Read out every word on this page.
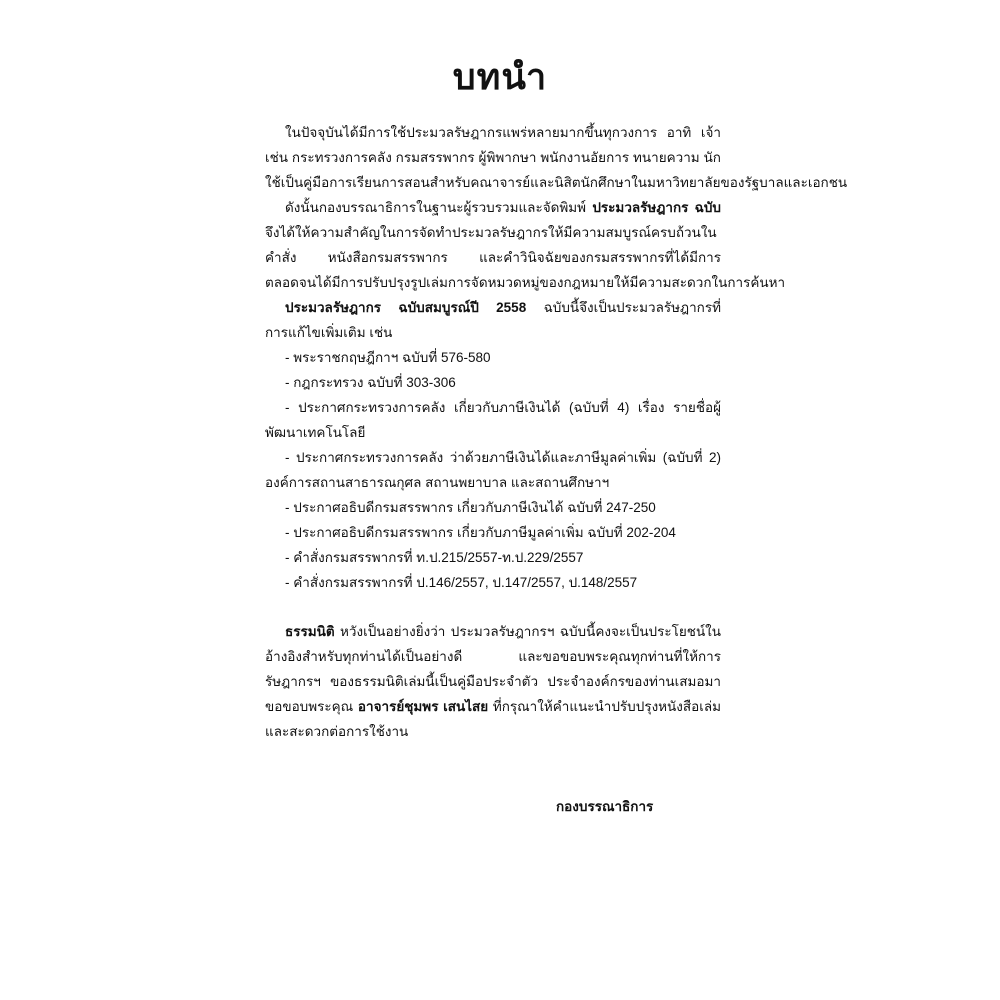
บทนำ
ในปัจจุบันได้มีการใช้ประมวลรัษฎากรแพร่หลายมากขึ้นทุกวงการ อาทิ เจ้า
เช่น กระทรวงการคลัง กรมสรรพากร ผู้พิพากษา พนักงานอัยการ ทนายความ นัก
ใช้เป็นคู่มือการเรียนการสอนสำหรับคณาจารย์และนิสิตนักศึกษาในมหาวิทยาลัยของรัฐบาลและเอกชน
ดังนั้นกองบรรณาธิการในฐานะผู้รวบรวมและจัดพิมพ์ ประมวลรัษฎากร ฉบับ
จึงได้ให้ความสำคัญในการจัดทำประมวลรัษฎากรให้มีความสมบูรณ์ครบถ้วนใน
คำสั่ง หนังสือกรมสรรพากร และคำวินิจฉัยของกรมสรรพากรที่ได้มีการ
ตลอดจนได้มีการปรับปรุงรูปเล่มการจัดหมวดหมู่ของกฎหมายให้มีความสะดวกในการค้นหา
ประมวลรัษฎากร ฉบับสมบูรณ์ปี 2558 ฉบับนี้จึงเป็นประมวลรัษฎากรที่
การแก้ไขเพิ่มเติม เช่น
- พระราชกฤษฎีกาฯ ฉบับที่ 576-580
- กฎกระทรวง ฉบับที่ 303-306
- ประกาศกระทรวงการคลัง เกี่ยวกับภาษีเงินได้ (ฉบับที่ 4) เรื่อง รายชื่อผู้
พัฒนาเทคโนโลยี
- ประกาศกระทรวงการคลัง ว่าด้วยภาษีเงินได้และภาษีมูลค่าเพิ่ม (ฉบับที่ 2)
องค์การสถานสาธารณกุศล สถานพยาบาล และสถานศึกษาฯ
- ประกาศอธิบดีกรมสรรพากร เกี่ยวกับภาษีเงินได้ ฉบับที่ 247-250
- ประกาศอธิบดีกรมสรรพากร เกี่ยวกับภาษีมูลค่าเพิ่ม ฉบับที่ 202-204
- คำสั่งกรมสรรพากรที่ ท.ป.215/2557-ท.ป.229/2557
- คำสั่งกรมสรรพากรที่ ป.146/2557, ป.147/2557, ป.148/2557
ธรรมนิติ หวังเป็นอย่างยิ่งว่า ประมวลรัษฎากรฯ ฉบับนี้คงจะเป็นประโยชน์ใน
อ้างอิงสำหรับทุกท่านได้เป็นอย่างดี และขอขอบพระคุณทุกท่านที่ให้การ
รัษฎากรฯ ของธรรมนิติเล่มนี้เป็นคู่มือประจำตัว ประจำองค์กรของท่านเสมอมา
ขอขอบพระคุณ อาจารย์ชุมพร เสนไสย ที่กรุณาให้คำแนะนำปรับปรุงหนังสือเล่ม
และสะดวกต่อการใช้งาน
กองบรรณาธิการ
